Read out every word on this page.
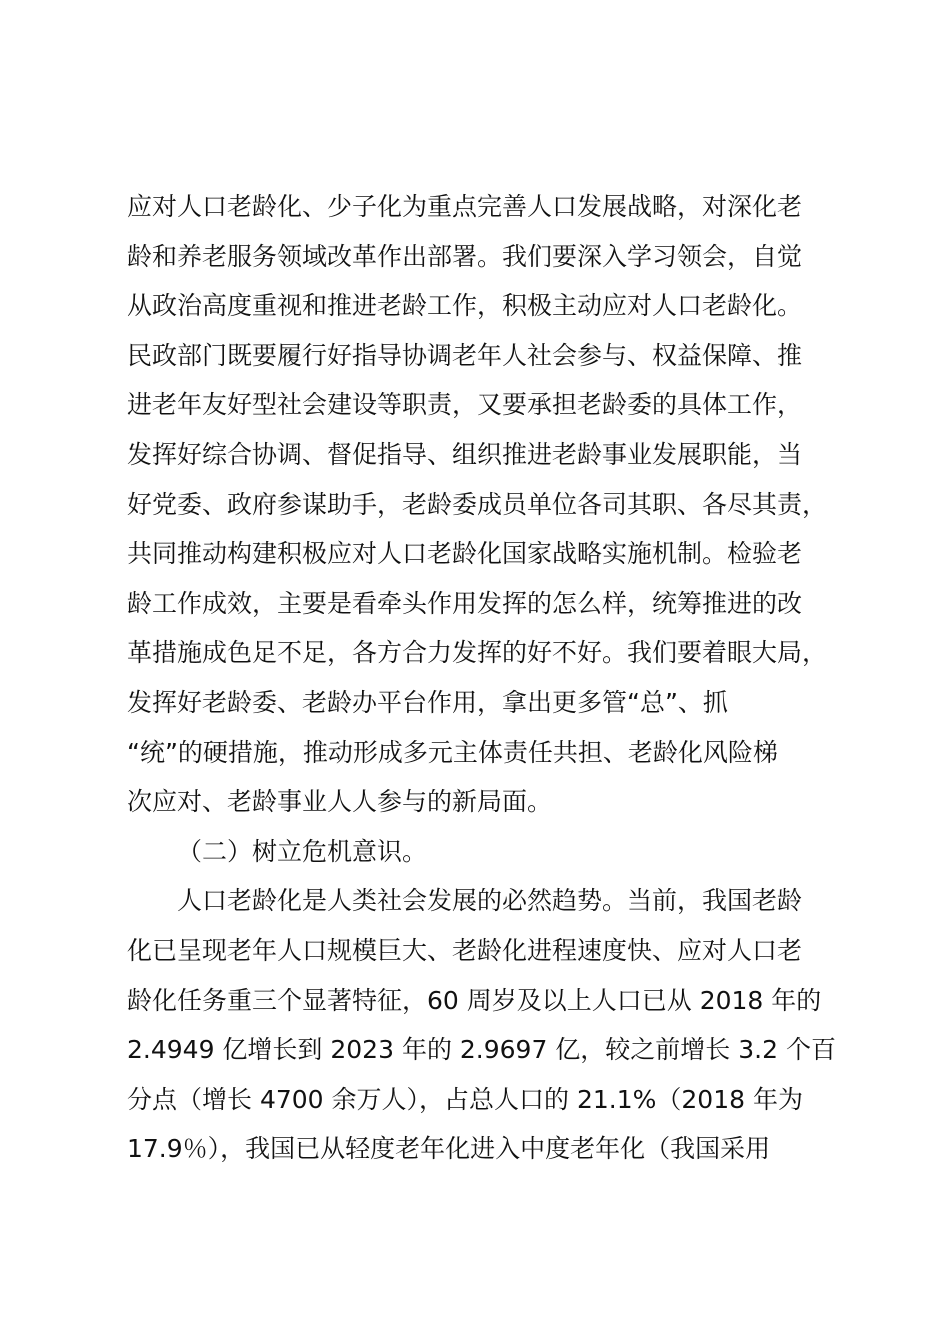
应对人口老龄化、少子化为重点完善人口发展战略，对深化老
龄和养老服务领域改革作出部署。我们要深入学习领会，自觉
从政治高度重视和推进老龄工作，积极主动应对人口老龄化。
民政部门既要履行好指导协调老年人社会参与、权益保障、推
进老年友好型社会建设等职责，又要承担老龄委的具体工作，
发挥好综合协调、督促指导、组织推进老龄事业发展职能，当
好党委、政府参谋助手，老龄委成员单位各司其职、各尽其责，
共同推动构建积极应对人口老龄化国家战略实施机制。检验老
龄工作成效，主要是看牵头作用发挥的怎么样，统筹推进的改
革措施成色足不足，各方合力发挥的好不好。我们要着眼大局，
发挥好老龄委、老龄办平台作用，拿出更多管“总”、抓
“统”的硬措施，推动形成多元主体责任共担、老龄化风险梯
次应对、老龄事业人人参与的新局面。
（二）树立危机意识。
人口老龄化是人类社会发展的必然趋势。当前，我国老龄
化已呈现老年人口规模巨大、老龄化进程速度快、应对人口老
龄化任务重三个显著特征，60 周岁及以上人口已从 2018 年的
2.4949 亿增长到 2023 年的 2.9697 亿，较之前增长 3.2 个百
分点（增长 4700 余万人），占总人口的 21.1%（2018 年为
17.9％），我国已从轻度老年化进入中度老年化（我国采用
